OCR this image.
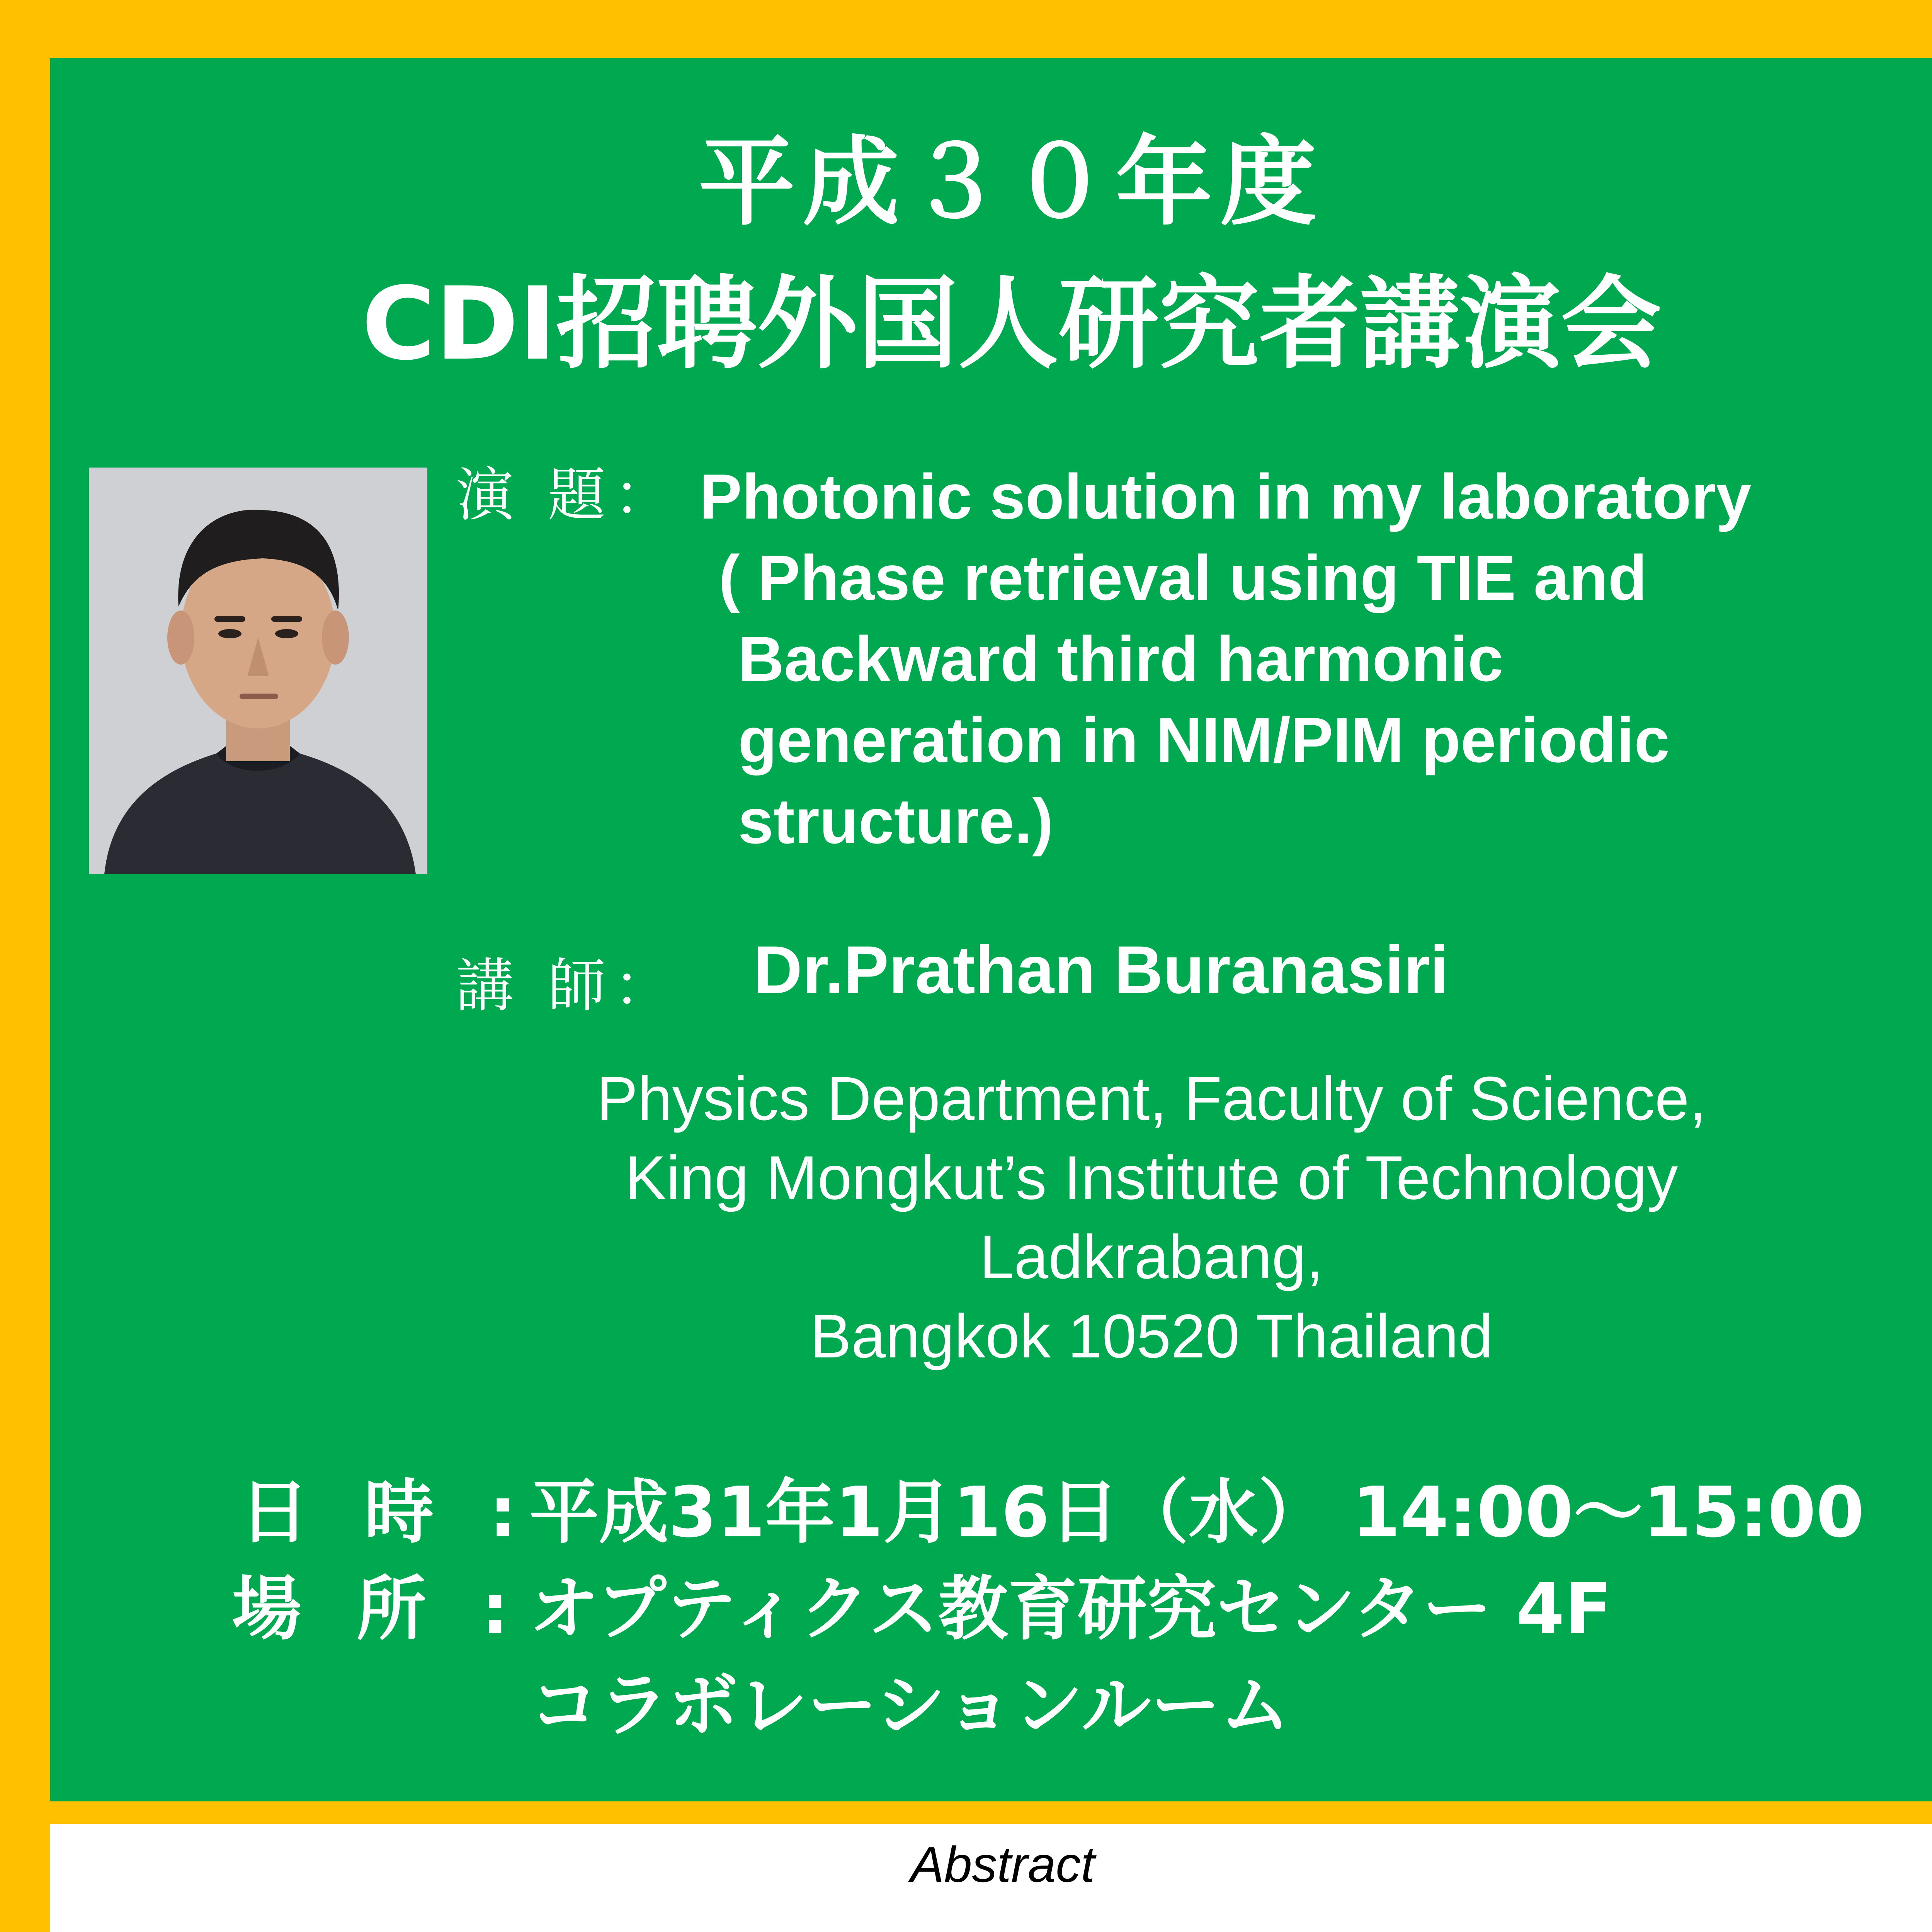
平成３０年度
CDI招聘外国人研究者講演会
演 題： Photonic solution in my laboratory
( Phase retrieval using TIE and
Backward third harmonic
generation in NIM/PIM periodic
structure.)
講 師： Dr.Prathan Buranasiri
Physics Department, Faculty of Science,
King Mongkut’s Institute of Technology
Ladkrabang,
Bangkok 10520 Thailand
日 時 :
平成31年1月16日（水） 14:00～15:00
場 所 : オプティクス教育研究センター 4F
コラボレーションルーム
Abstract
